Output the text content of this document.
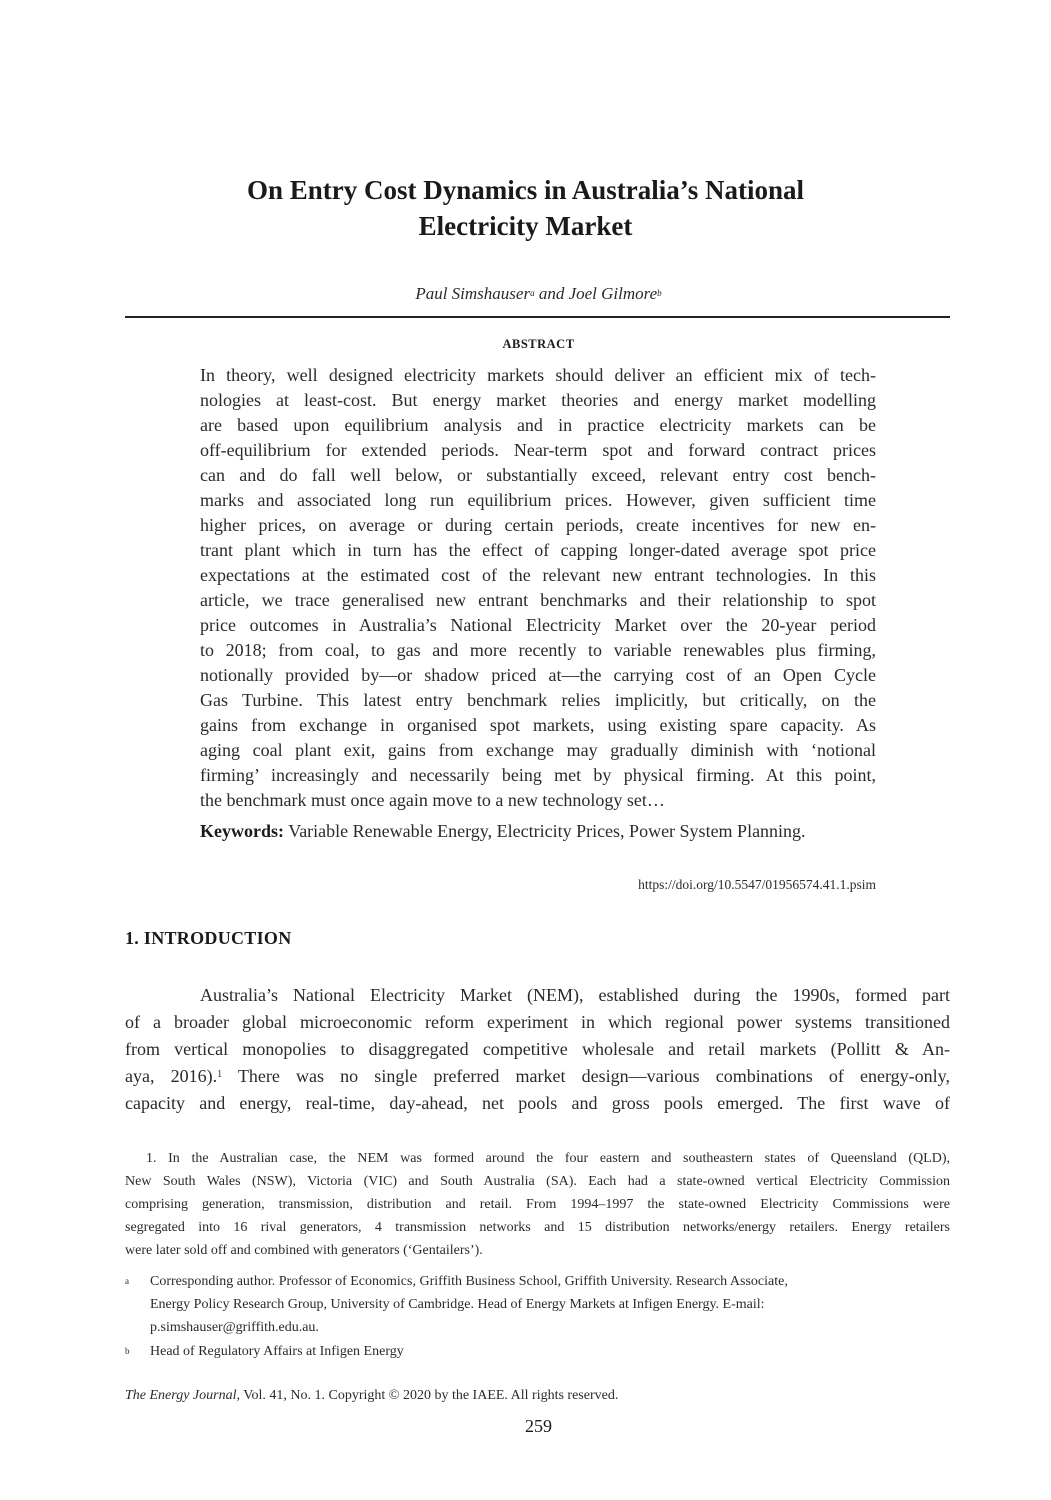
On Entry Cost Dynamics in Australia’s National
Electricity Market
Paul Simshauser$^a$ and Joel Gilmore$^b$
ABSTRACT
In theory, well designed electricity markets should deliver an efficient mix of tech-
nologies at least-cost. But energy market theories and energy market modelling
are based upon equilibrium analysis and in practice electricity markets can be
off-equilibrium for extended periods. Near-term spot and forward contract prices
can and do fall well below, or substantially exceed, relevant entry cost bench-
marks and associated long run equilibrium prices. However, given sufficient time
higher prices, on average or during certain periods, create incentives for new en-
trant plant which in turn has the effect of capping longer-dated average spot price
expectations at the estimated cost of the relevant new entrant technologies. In this
article, we trace generalised new entrant benchmarks and their relationship to spot
price outcomes in Australia’s National Electricity Market over the 20-year period
to 2018; from coal, to gas and more recently to variable renewables plus firming,
notionally provided by—or shadow priced at—the carrying cost of an Open Cycle
Gas Turbine. This latest entry benchmark relies implicitly, but critically, on the
gains from exchange in organised spot markets, using existing spare capacity. As
aging coal plant exit, gains from exchange may gradually diminish with ‘notional
firming’ increasingly and necessarily being met by physical firming. At this point,
the benchmark must once again move to a new technology set…
Keywords: Variable Renewable Energy, Electricity Prices, Power System Planning.
https://doi.org/10.5547/01956574.41.1.psim
1. INTRODUCTION
Australia’s National Electricity Market (NEM), established during the 1990s, formed part
of a broader global microeconomic reform experiment in which regional power systems transitioned
from vertical monopolies to disaggregated competitive wholesale and retail markets (Pollitt & An-
aya, 2016).$^1$ There was no single preferred market design—various combinations of energy-only,
capacity and energy, real-time, day-ahead, net pools and gross pools emerged. The first wave of
1. In the Australian case, the NEM was formed around the four eastern and southeastern states of Queensland (QLD),
New South Wales (NSW), Victoria (VIC) and South Australia (SA). Each had a state-owned vertical Electricity Commission
comprising generation, transmission, distribution and retail. From 1994–1997 the state-owned Electricity Commissions were
segregated into 16 rival generators, 4 transmission networks and 15 distribution networks/energy retailers. Energy retailers
were later sold off and combined with generators (‘Gentailers’).
a Corresponding author. Professor of Economics, Griffith Business School, Griffith University. Research Associate,
Energy Policy Research Group, University of Cambridge. Head of Energy Markets at Infigen Energy. E-mail:
p.simshauser@griffith.edu.au.
b Head of Regulatory Affairs at Infigen Energy
The Energy Journal, Vol. 41, No. 1. Copyright © 2020 by the IAEE. All rights reserved.
259
